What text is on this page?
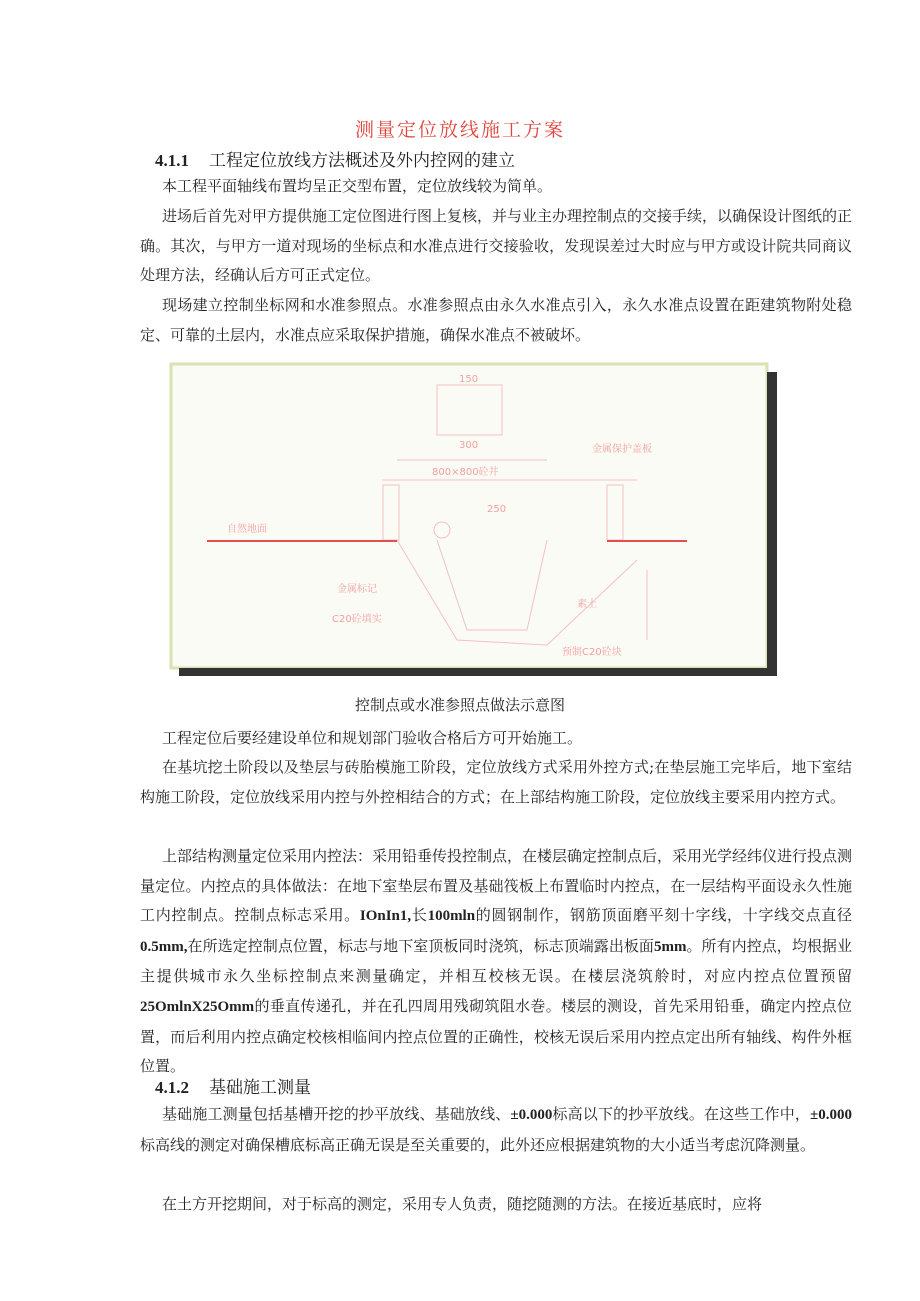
测量定位放线施工方案
4.1.1 工程定位放线方法概述及外内控网的建立
本工程平面轴线布置均呈正交型布置，定位放线较为简单。
进场后首先对甲方提供施工定位图进行图上复核，并与业主办理控制点的交接手续，以确保设计图纸的正确。其次，与甲方一道对现场的坐标点和水准点进行交接验收，发现误差过大时应与甲方或设计院共同商议处理方法，经确认后方可正式定位。
现场建立控制坐标网和水准参照点。水准参照点由永久水准点引入，永久水准点设置在距建筑物附处稳定、可靠的土层内，水准点应采取保护措施，确保水准点不被破坏。
150
300	金属保护盖板
800×800砼井
250
自然地面
金属标记
C20砼填实
素土
预制C20砼块
控制点或水准参照点做法示意图
工程定位后要经建设单位和规划部门验收合格后方可开始施工。
在基坑挖土阶段以及垫层与砖胎模施工阶段，定位放线方式采用外控方式;在垫层施工完毕后，地下室结构施工阶段，定位放线采用内控与外控相结合的方式；在上部结构施工阶段，定位放线主要采用内控方式。
上部结构测量定位采用内控法：采用铅垂传投控制点，在楼层确定控制点后，采用光学经纬仪进行投点测量定位。内控点的具体做法：在地下室垫层布置及基础筏板上布置临时内控点，在一层结构平面设永久性施工内控制点。控制点标志采用。IOnIn1,长100mln的圆钢制作，钢筋顶面磨平刻十字线，十字线交点直径0.5mm,在所选定控制点位置，标志与地下室顶板同时浇筑，标志顶端露出板面5mm。所有内控点，均根据业主提供城市永久坐标控制点来测量确定，并相互校核无误。在楼层浇筑舲时，对应内控点位置预留25OmlnX25Omm的垂直传递孔，并在孔四周用残砌筑阻水巻。楼层的测设，首先采用铅垂，确定内控点位置，而后利用内控点确定校核相临间内控点位置的正确性，校核无误后采用内控点定出所有轴线、构件外框位置。
4.1.2 基础施工测量
基础施工测量包括基槽开挖的抄平放线、基础放线、±0.000标高以下的抄平放线。在这些工作中，±0.000标高线的测定对确保槽底标高正确无误是至关重要的，此外还应根据建筑物的大小适当考虑沉降测量。
在土方开挖期间，对于标高的测定，采用专人负责，随挖随测的方法。在接近基底时，应将
